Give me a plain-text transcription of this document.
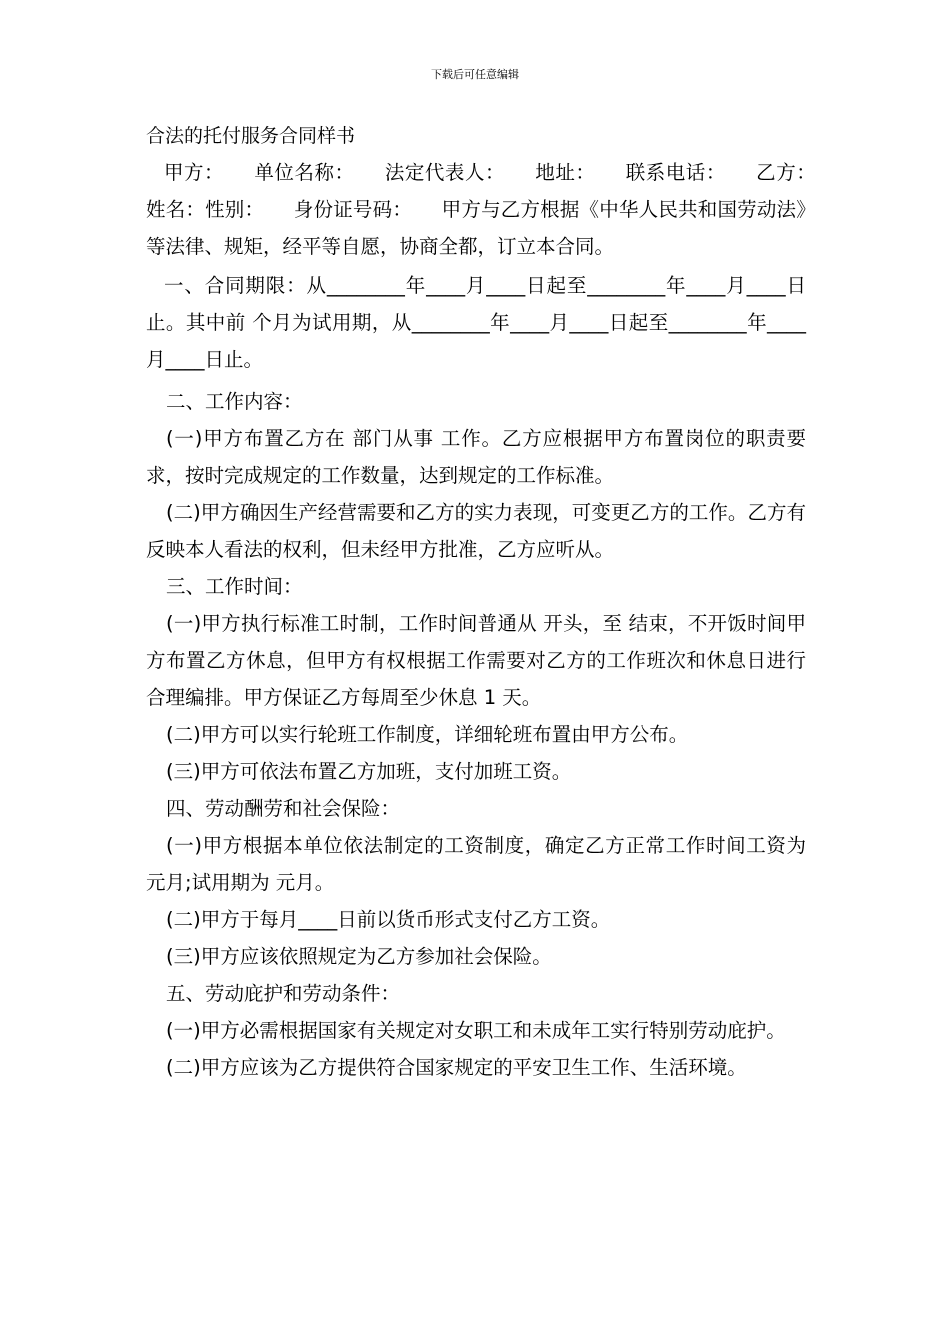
下载后可任意编辑
合法的托付服务合同样书
甲方：　　单位名称：　　法定代表人：　　地址：　　联系电话：　　乙方：　　姓名：性别：　　身份证号码：　　甲方与乙方根据《中华人民共和国劳动法》等法律、规矩，经平等自愿，协商全都，订立本合同。
一、合同期限：从________年____月____日起至________年____月____日止。其中前 个月为试用期，从________年____月____日起至________年____月____日止。
二、工作内容：
(一)甲方布置乙方在 部门从事 工作。乙方应根据甲方布置岗位的职责要求，按时完成规定的工作数量，达到规定的工作标准。
(二)甲方确因生产经营需要和乙方的实力表现，可变更乙方的工作。乙方有反映本人看法的权利，但未经甲方批准，乙方应听从。
三、工作时间：
(一)甲方执行标准工时制，工作时间普通从 开头，至 结束，不开饭时间甲方布置乙方休息，但甲方有权根据工作需要对乙方的工作班次和休息日进行合理编排。甲方保证乙方每周至少休息 1 天。
(二)甲方可以实行轮班工作制度，详细轮班布置由甲方公布。
(三)甲方可依法布置乙方加班，支付加班工资。
四、劳动酬劳和社会保险：
(一)甲方根据本单位依法制定的工资制度，确定乙方正常工作时间工资为 元月;试用期为 元月。
(二)甲方于每月____日前以货币形式支付乙方工资。
(三)甲方应该依照规定为乙方参加社会保险。
五、劳动庇护和劳动条件：
(一)甲方必需根据国家有关规定对女职工和未成年工实行特别劳动庇护。
(二)甲方应该为乙方提供符合国家规定的平安卫生工作、生活环境。
